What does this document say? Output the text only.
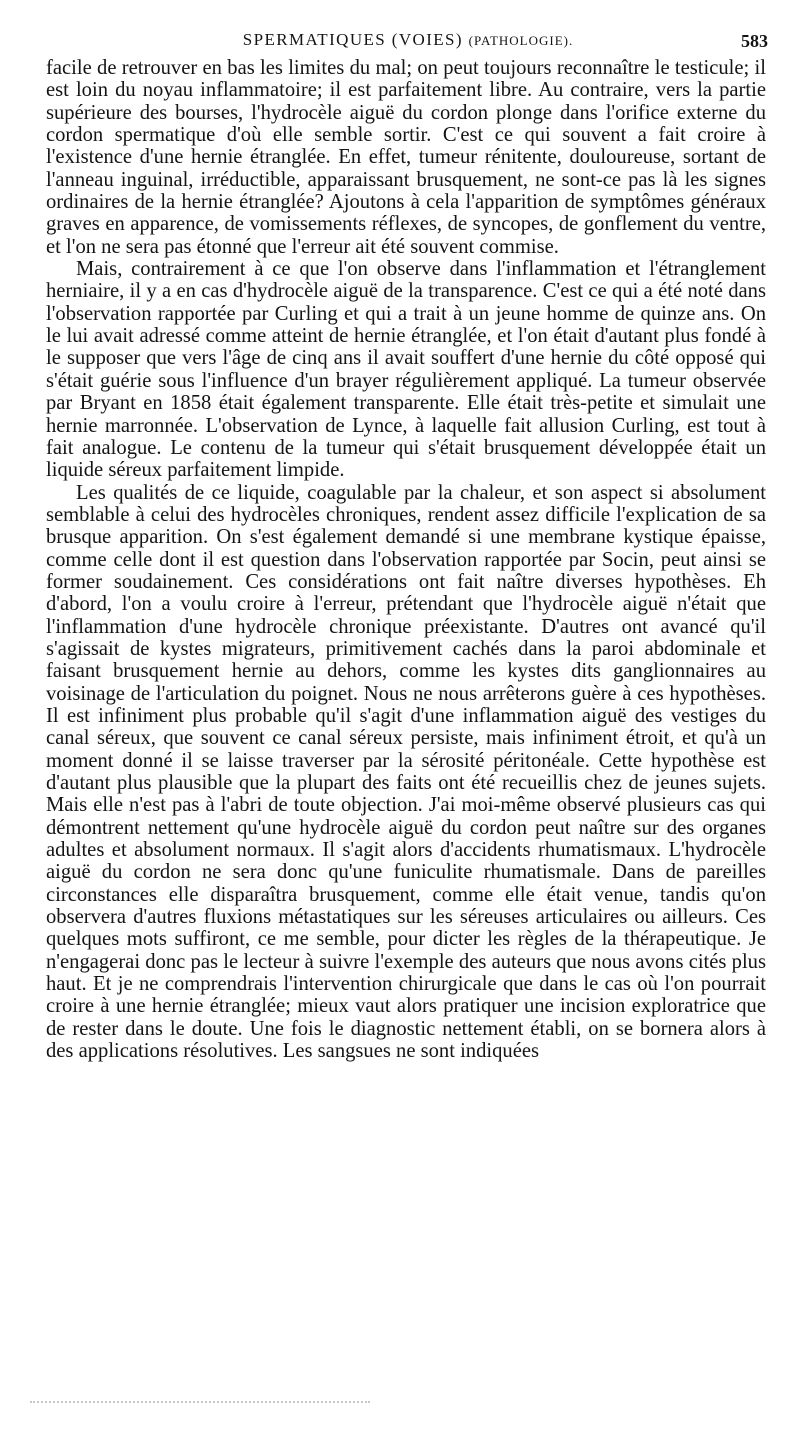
SPERMATIQUES (VOIES) (PATHOLOGIE).	583

facile de retrouver en bas les limites du mal; on peut toujours reconnaître le testicule; il est loin du noyau inflammatoire; il est parfaitement libre. Au contraire, vers la partie supérieure des bourses, l'hydrocèle aiguë du cordon plonge dans l'orifice externe du cordon spermatique d'où elle semble sortir. C'est ce qui souvent a fait croire à l'existence d'une hernie étranglée. En effet, tumeur rénitente, douloureuse, sortant de l'anneau inguinal, irréductible, apparaissant brusquement, ne sont-ce pas là les signes ordinaires de la hernie étranglée? Ajoutons à cela l'apparition de symptômes généraux graves en apparence, de vomissements réflexes, de syncopes, de gonflement du ventre, et l'on ne sera pas étonné que l'erreur ait été souvent commise.

Mais, contrairement à ce que l'on observe dans l'inflammation et l'étranglement herniaire, il y a en cas d'hydrocèle aiguë de la transparence. C'est ce qui a été noté dans l'observation rapportée par Curling et qui a trait à un jeune homme de quinze ans. On le lui avait adressé comme atteint de hernie étranglée, et l'on était d'autant plus fondé à le supposer que vers l'âge de cinq ans il avait souffert d'une hernie du côté opposé qui s'était guérie sous l'influence d'un brayer régulièrement appliqué. La tumeur observée par Bryant en 1858 était également transparente. Elle était très-petite et simulait une hernie marronnée. L'observation de Lynce, à laquelle fait allusion Curling, est tout à fait analogue. Le contenu de la tumeur qui s'était brusquement développée était un liquide séreux parfaitement limpide.

Les qualités de ce liquide, coagulable par la chaleur, et son aspect si absolument semblable à celui des hydrocèles chroniques, rendent assez difficile l'explication de sa brusque apparition. On s'est également demandé si une membrane kystique épaisse, comme celle dont il est question dans l'observation rapportée par Socin, peut ainsi se former soudainement. Ces considérations ont fait naître diverses hypothèses. Eh d'abord, l'on a voulu croire à l'erreur, prétendant que l'hydrocèle aiguë n'était que l'inflammation d'une hydrocèle chronique préexistante. D'autres ont avancé qu'il s'agissait de kystes migrateurs, primitivement cachés dans la paroi abdominale et faisant brusquement hernie au dehors, comme les kystes dits ganglionnaires au voisinage de l'articulation du poignet. Nous ne nous arrêterons guère à ces hypothèses. Il est infiniment plus probable qu'il s'agit d'une inflammation aiguë des vestiges du canal séreux, que souvent ce canal séreux persiste, mais infiniment étroit, et qu'à un moment donné il se laisse traverser par la sérosité péritonéale. Cette hypothèse est d'autant plus plausible que la plupart des faits ont été recueillis chez de jeunes sujets. Mais elle n'est pas à l'abri de toute objection. J'ai moi-même observé plusieurs cas qui démontrent nettement qu'une hydrocèle aiguë du cordon peut naître sur des organes adultes et absolument normaux. Il s'agit alors d'accidents rhumatismaux. L'hydrocèle aiguë du cordon ne sera donc qu'une funiculite rhumatismale. Dans de pareilles circonstances elle disparaîtra brusquement, comme elle était venue, tandis qu'on observera d'autres fluxions métastatiques sur les séreuses articulaires ou ailleurs. Ces quelques mots suffiront, ce me semble, pour dicter les règles de la thérapeutique. Je n'engagerai donc pas le lecteur à suivre l'exemple des auteurs que nous avons cités plus haut. Et je ne comprendrais l'intervention chirurgicale que dans le cas où l'on pourrait croire à une hernie étranglée; mieux vaut alors pratiquer une incision exploratrice que de rester dans le doute. Une fois le diagnostic nettement établi, on se bornera alors à des applications résolutives. Les sangsues ne sont indiquées
